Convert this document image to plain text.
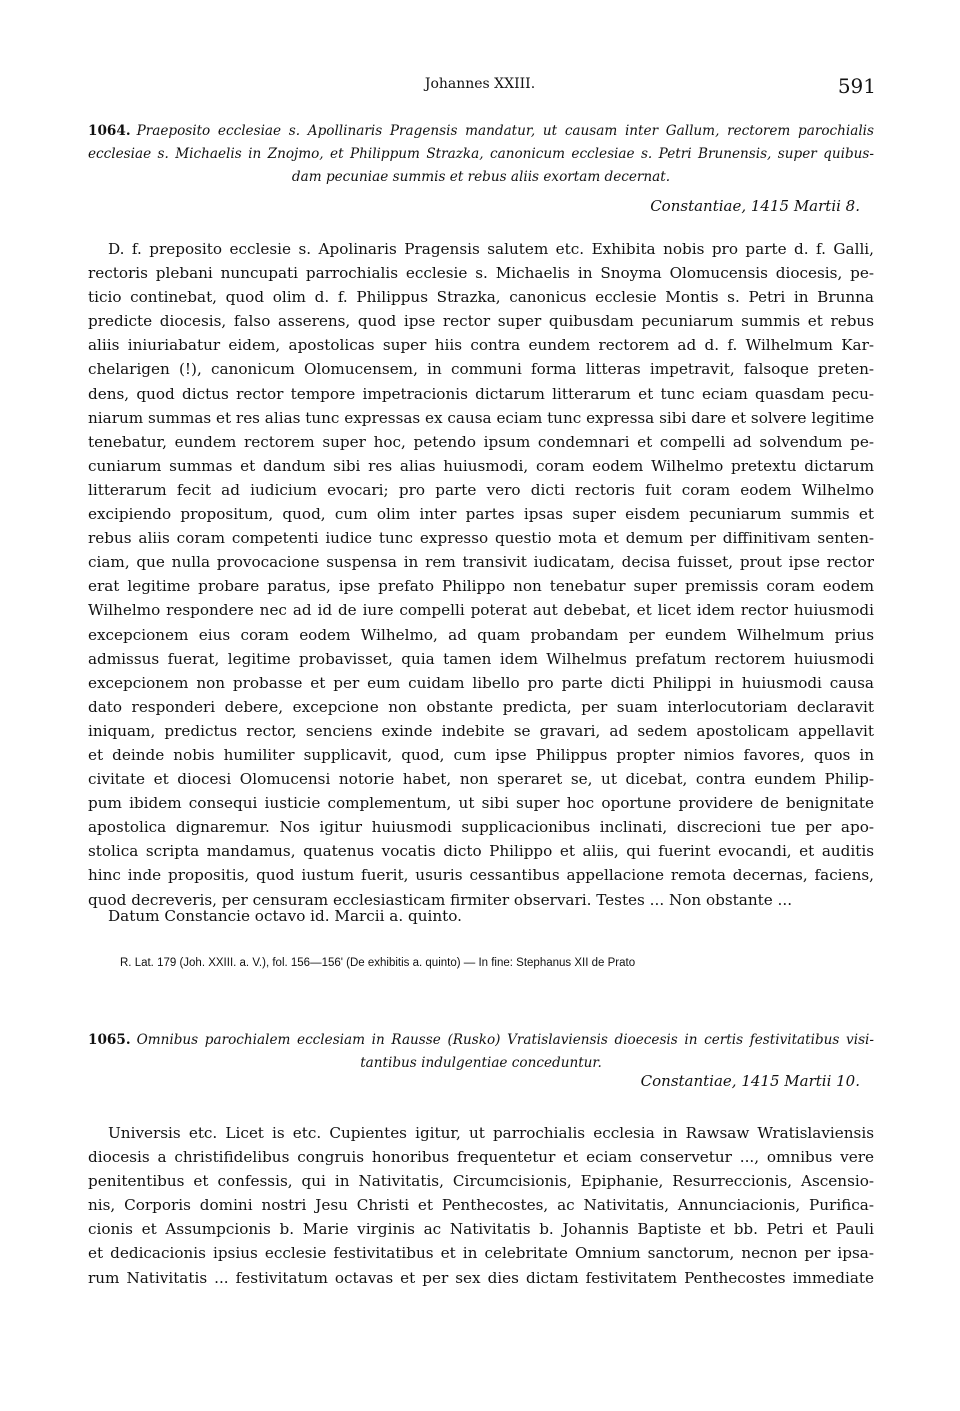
Johannes XXIII.	591
1064. Praeposito ecclesiae s. Apollinaris Pragensis mandatur, ut causam inter Gallum, rectorem parochialis
ecclesiae s. Michaelis in Znojmo, et Philippum Strazka, canonicum ecclesiae s. Petri Brunensis, super quibus-
dam pecuniae summis et rebus aliis exortam decernat.
Constantiae, 1415 Martii 8.
D. f. preposito ecclesie s. Apolinaris Pragensis salutem etc. Exhibita nobis pro parte d. f. Galli,
rectoris plebani nuncupati parrochialis ecclesie s. Michaelis in Snoyma Olomucensis diocesis, pe-
ticio continebat, quod olim d. f. Philippus Strazka, canonicus ecclesie Montis s. Petri in Brunna
predicte diocesis, falso asserens, quod ipse rector super quibusdam pecuniarum summis et rebus
aliis iniuriabatur eidem, apostolicas super hiis contra eundem rectorem ad d. f. Wilhelmum Kar-
chelarigen (!), canonicum Olomucensem, in communi forma litteras impetravit, falsoque preten-
dens, quod dictus rector tempore impetracionis dictarum litterarum et tunc eciam quasdam pecu-
niarum summas et res alias tunc expressas ex causa eciam tunc expressa sibi dare et solvere legitime
tenebatur, eundem rectorem super hoc, petendo ipsum condemnari et compelli ad solvendum pe-
cuniarum summas et dandum sibi res alias huiusmodi, coram eodem Wilhelmo pretextu dictarum
litterarum fecit ad iudicium evocari; pro parte vero dicti rectoris fuit coram eodem Wilhelmo
excipiendo propositum, quod, cum olim inter partes ipsas super eisdem pecuniarum summis et
rebus aliis coram competenti iudice tunc expresso questio mota et demum per diffinitivam senten-
ciam, que nulla provocacione suspensa in rem transivit iudicatam, decisa fuisset, prout ipse rector
erat legitime probare paratus, ipse prefato Philippo non tenebatur super premissis coram eodem
Wilhelmo respondere nec ad id de iure compelli poterat aut debebat, et licet idem rector huiusmodi
excepcionem eius coram eodem Wilhelmo, ad quam probandam per eundem Wilhelmum prius
admissus fuerat, legitime probavisset, quia tamen idem Wilhelmus prefatum rectorem huiusmodi
excepcionem non probasse et per eum cuidam libello pro parte dicti Philippi in huiusmodi causa
dato responderi debere, excepcione non obstante predicta, per suam interlocutoriam declaravit
iniquam, predictus rector, senciens exinde indebite se gravari, ad sedem apostolicam appellavit
et deinde nobis humiliter supplicavit, quod, cum ipse Philippus propter nimios favores, quos in
civitate et diocesi Olomucensi notorie habet, non speraret se, ut dicebat, contra eundem Philip-
pum ibidem consequi iusticie complementum, ut sibi super hoc oportune providere de benignitate
apostolica dignaremur. Nos igitur huiusmodi supplicacionibus inclinati, discrecioni tue per apo-
stolica scripta mandamus, quatenus vocatis dicto Philippo et aliis, qui fuerint evocandi, et auditis
hinc inde propositis, quod iustum fuerit, usuris cessantibus appellacione remota decernas, faciens,
quod decreveris, per censuram ecclesiasticam firmiter observari. Testes ... Non obstante ...
Datum Constancie octavo id. Marcii a. quinto.
R. Lat. 179 (Joh. XXIII. a. V.), fol. 156—156' (De exhibitis a. quinto) — In fine: Stephanus XII de Prato
1065. Omnibus parochialem ecclesiam in Rausse (Rusko) Vratislaviensis dioecesis in certis festivitatibus visi-
tantibus indulgentiae conceduntur.
Constantiae, 1415 Martii 10.
Universis etc. Licet is etc. Cupientes igitur, ut parrochialis ecclesia in Rawsaw Wratislaviensis
diocesis a christifidelibus congruis honoribus frequentetur et eciam conservetur ..., omnibus vere
penitentibus et confessis, qui in Nativitatis, Circumcisionis, Epiphanie, Resurreccionis, Ascensio-
nis, Corporis domini nostri Jesu Christi et Penthecostes, ac Nativitatis, Annunciacionis, Purifica-
cionis et Assumpcionis b. Marie virginis ac Nativitatis b. Johannis Baptiste et bb. Petri et Pauli
et dedicacionis ipsius ecclesie festivitatibus et in celebritate Omnium sanctorum, necnon per ipsa-
rum Nativitatis ... festivitatum octavas et per sex dies dictam festivitatem Penthecostes immediate
